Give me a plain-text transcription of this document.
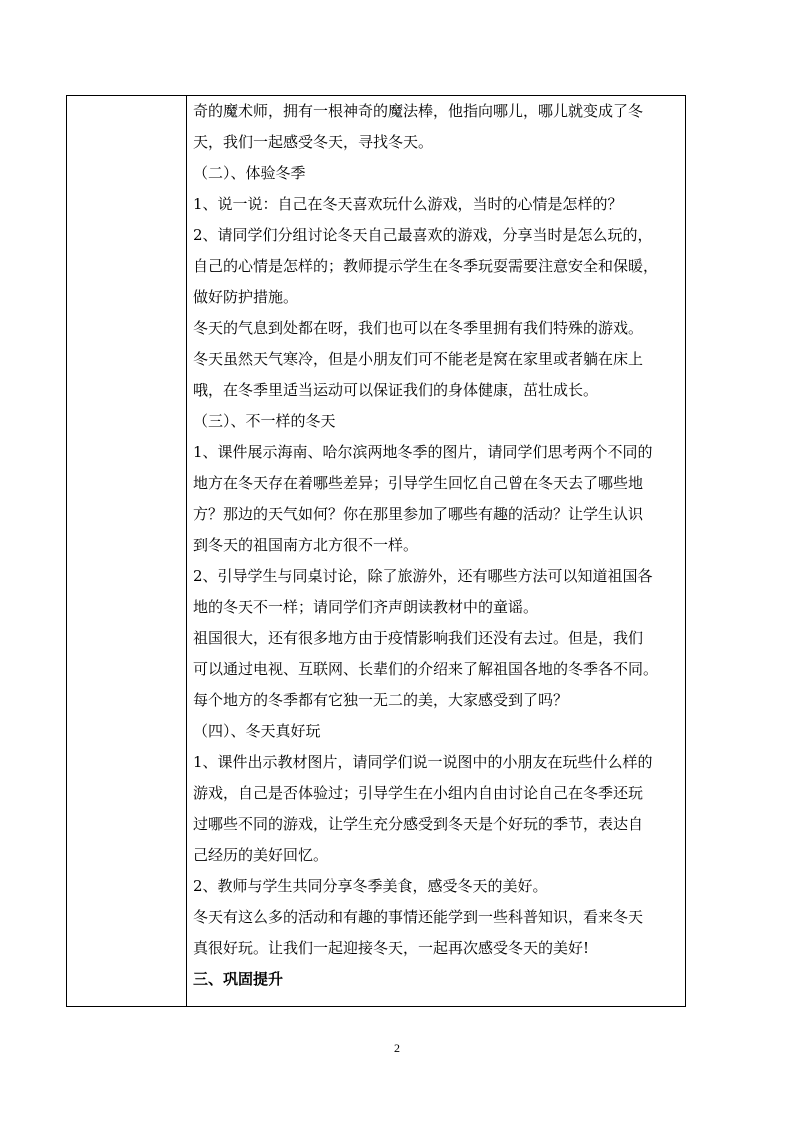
奇的魔术师，拥有一根神奇的魔法棒，他指向哪儿，哪儿就变成了冬
天，我们一起感受冬天，寻找冬天。
（二）、体验冬季
1、说一说：自己在冬天喜欢玩什么游戏，当时的心情是怎样的？
2、请同学们分组讨论冬天自己最喜欢的游戏，分享当时是怎么玩的，
自己的心情是怎样的；教师提示学生在冬季玩耍需要注意安全和保暖，
做好防护措施。
冬天的气息到处都在呀，我们也可以在冬季里拥有我们特殊的游戏。
冬天虽然天气寒冷，但是小朋友们可不能老是窝在家里或者躺在床上
哦，在冬季里适当运动可以保证我们的身体健康，茁壮成长。
（三）、不一样的冬天
1、课件展示海南、哈尔滨两地冬季的图片，请同学们思考两个不同的
地方在冬天存在着哪些差异；引导学生回忆自己曾在冬天去了哪些地
方？那边的天气如何？你在那里参加了哪些有趣的活动？让学生认识
到冬天的祖国南方北方很不一样。
2、引导学生与同桌讨论，除了旅游外，还有哪些方法可以知道祖国各
地的冬天不一样；请同学们齐声朗读教材中的童谣。
祖国很大，还有很多地方由于疫情影响我们还没有去过。但是，我们
可以通过电视、互联网、长辈们的介绍来了解祖国各地的冬季各不同。
每个地方的冬季都有它独一无二的美，大家感受到了吗？
（四）、冬天真好玩
1、课件出示教材图片，请同学们说一说图中的小朋友在玩些什么样的
游戏，自己是否体验过；引导学生在小组内自由讨论自己在冬季还玩
过哪些不同的游戏，让学生充分感受到冬天是个好玩的季节，表达自
己经历的美好回忆。
2、教师与学生共同分享冬季美食，感受冬天的美好。
冬天有这么多的活动和有趣的事情还能学到一些科普知识，看来冬天
真很好玩。让我们一起迎接冬天，一起再次感受冬天的美好!
三、巩固提升
2
